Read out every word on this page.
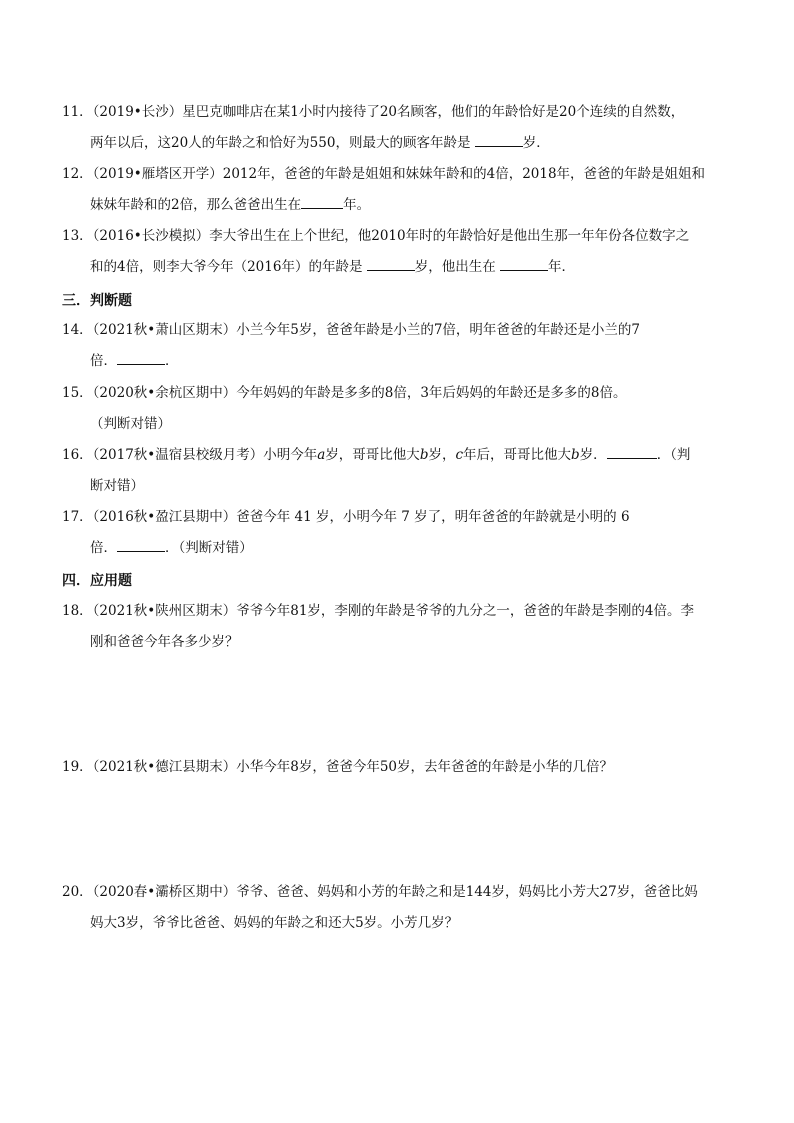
11．（2019•长沙）星巴克咖啡店在某1小时内接待了20名顾客，他们的年龄恰好是20个连续的自然数，
两年以后，这20人的年龄之和恰好为550，则最大的顾客年龄是	岁．
12．（2019•雁塔区开学）2012年，爸爸的年龄是姐姐和妹妹年龄和的4倍，2018年，爸爸的年龄是姐姐和
妹妹年龄和的2倍，那么爸爸出生在	年。
13．（2016•长沙模拟）李大爷出生在上个世纪，他2010年时的年龄恰好是他出生那一年年份各位数字之
和的4倍，则李大爷今年（2016年）的年龄是	岁，他出生在	年．
三．判断题
14．（2021秋•萧山区期末）小兰今年5岁，爸爸年龄是小兰的7倍，明年爸爸的年龄还是小兰的7
倍．	．
15．（2020秋•余杭区期中）今年妈妈的年龄是多多的8倍，3年后妈妈的年龄还是多多的8倍。
（判断对错）
16．（2017秋•温宿县校级月考）小明今年a岁，哥哥比他大b岁，c年后，哥哥比他大b岁．	．（判
断对错）
17．（2016秋•盈江县期中）爸爸今年 41 岁，小明今年 7 岁了，明年爸爸的年龄就是小明的 6
倍．	．（判断对错）
四．应用题
18．（2021秋•陕州区期末）爷爷今年81岁，李刚的年龄是爷爷的九分之一，爸爸的年龄是李刚的4倍。李
刚和爸爸今年各多少岁？
19．（2021秋•德江县期末）小华今年8岁，爸爸今年50岁，去年爸爸的年龄是小华的几倍？
20．（2020春•灞桥区期中）爷爷、爸爸、妈妈和小芳的年龄之和是144岁，妈妈比小芳大27岁，爸爸比妈
妈大3岁，爷爷比爸爸、妈妈的年龄之和还大5岁。小芳几岁？
